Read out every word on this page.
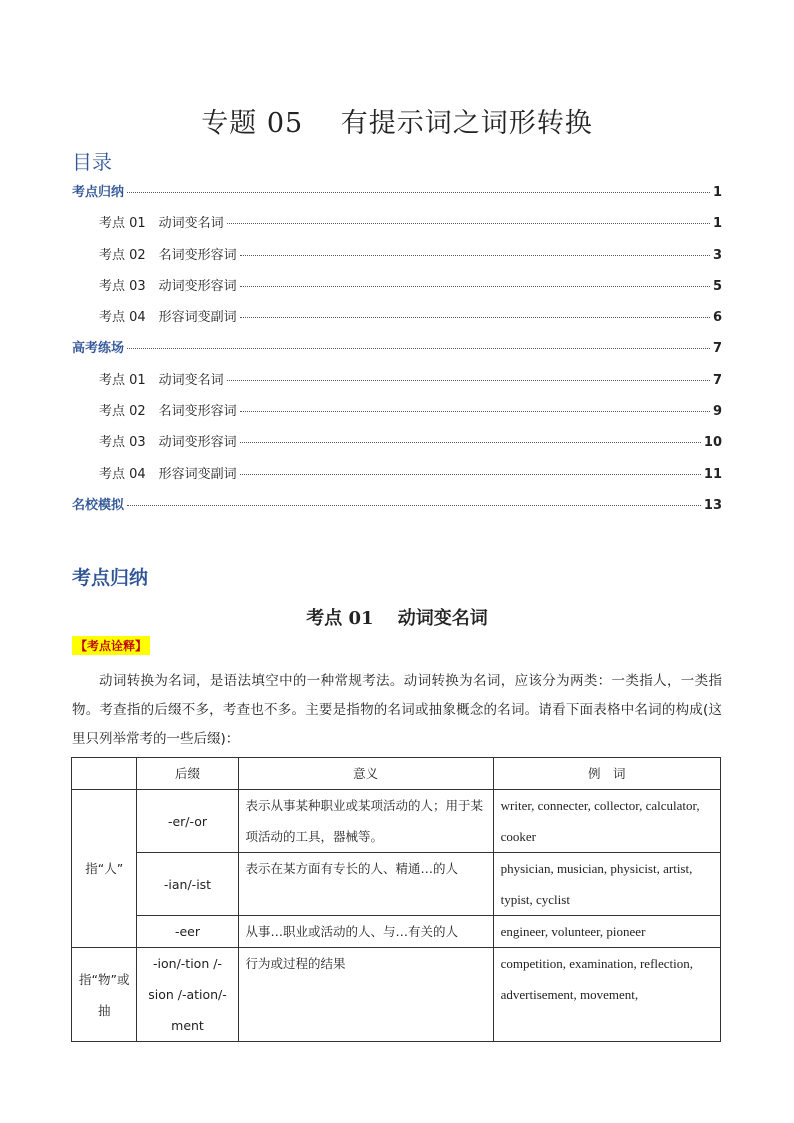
专题 05　 有提示词之词形转换
目录
考点归纳	1
考点 01　动词变名词	1
考点 02　名词变形容词	3
考点 03　动词变形容词	5
考点 04　形容词变副词	6
高考练场	7
考点 01　动词变名词	7
考点 02　名词变形容词	9
考点 03　动词变形容词	10
考点 04　形容词变副词	11
名校模拟	13
考点归纳
考点 01　 动词变名词
【考点诠释】

动词转换为名词，是语法填空中的一种常规考法。动词转换为名词，应该分为两类：一类指人，一类指物。考查指的后缀不多，考查也不多。主要是指物的名词或抽象概念的名词。请看下面表格中名词的构成(这里只列举常考的一些后缀)：

	后缀	意义	例　词
指“人”	-er/-or	表示从事某种职业或某项活动的人；用于某项活动的工具，器械等。	writer, connecter, collector, calculator, cooker
	-ian/-ist	表示在某方面有专长的人、精通…的人	physician, musician, physicist, artist, typist, cyclist
	-eer	从事…职业或活动的人、与…有关的人	engineer, volunteer, pioneer
指“物”或抽	-ion/-tion /-sion /-ation/-ment	行为或过程的结果	competition, examination, reflection, advertisement, movement,
